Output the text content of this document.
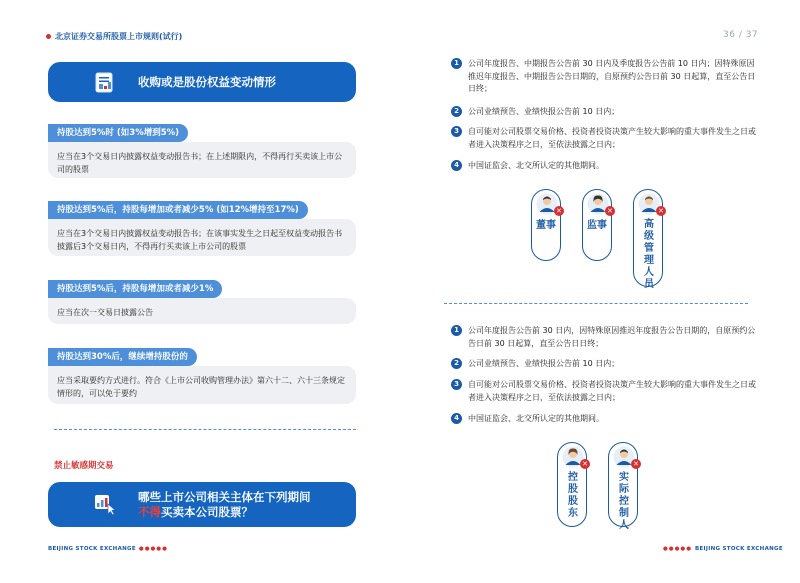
北京证券交易所股票上市规则(试行)	36 / 37
收购或是股份权益变动情形
持股达到5%时 (如3%增到5%)
应当在3个交易日内披露权益变动报告书；在上述期限内，不得再行买卖该上市公司的股票
持股达到5%后，持股每增加或者减少5% (如12%增持至17%)
应当在3个交易日内披露权益变动报告书；在该事实发生之日起至权益变动报告书披露后3个交易日内，不得再行买卖该上市公司的股票
持股达到5%后，持股每增加或者减少1%
应当在次一交易日披露公告
持股达到30%后，继续增持股份的
应当采取要约方式进行。符合《上市公司收购管理办法》第六十二、六十三条规定情形的，可以免于要约
禁止敏感期交易
哪些上市公司相关主体在下列期间
不得买卖本公司股票？
BEIJING STOCK EXCHANGE ●●●●●
1	公司年度报告、中期报告公告前 30 日内及季度报告公告前 10 日内；因特殊原因推迟年度报告、中期报告公告日期的，自原预约公告日前 30 日起算，直至公告日日终；
2	公司业绩预告、业绩快报公告前 10 日内；
3	自可能对公司股票交易价格、投资者投资决策产生较大影响的重大事件发生之日或者进入决策程序之日，至依法披露之日内；
4	中国证监会、北交所认定的其他期间。
✕
董事
✕
监事
✕
高级管理人员
1	公司年度报告公告前 30 日内，因特殊原因推迟年度报告公告日期的，自原预约公告日前 30 日起算，直至公告日日终；
2	公司业绩预告、业绩快报公告前 10 日内；
3	自可能对公司股票交易价格、投资者投资决策产生较大影响的重大事件发生之日或者进入决策程序之日，至依法披露之日内；
4	中国证监会、北交所认定的其他期间。
✕
控股股东
✕
实际控制人
●●●●● BEIJING STOCK EXCHANGE
